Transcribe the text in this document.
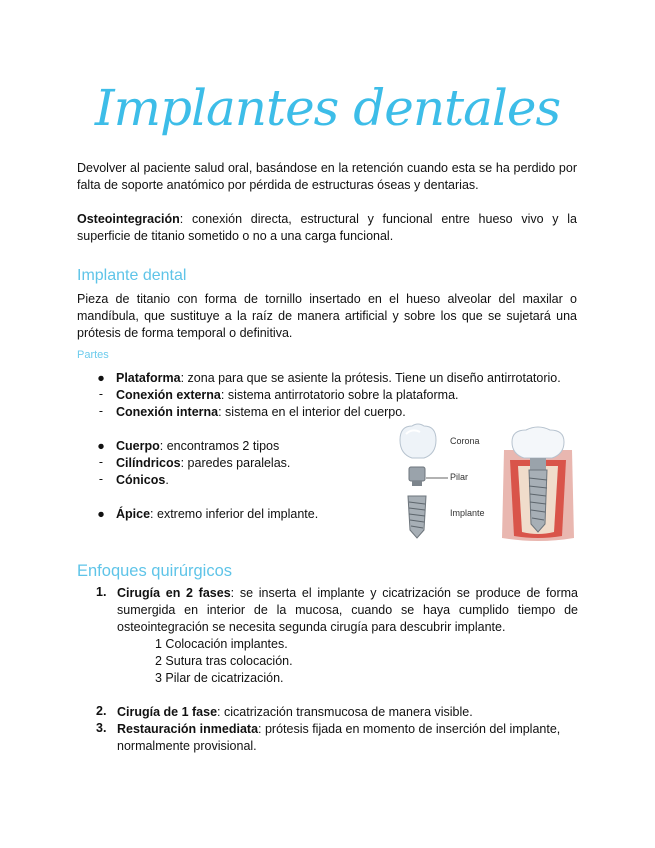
Implantes dentales
Devolver al paciente salud oral, basándose en la retención cuando esta se ha perdido por falta de soporte anatómico por pérdida de estructuras óseas y dentarias.
Osteointegración: conexión directa, estructural y funcional entre hueso vivo y la superficie de titanio sometido o no a una carga funcional.
Implante dental
Pieza de titanio con forma de tornillo insertado en el hueso alveolar del maxilar o mandíbula, que sustituye a la raíz de manera artificial y sobre los que se sujetará una prótesis de forma temporal o definitiva.
Partes
● Plataforma: zona para que se asiente la prótesis. Tiene un diseño antirrotatorio.
-	Conexión externa: sistema antirrotatorio sobre la plataforma.
-	Conexión interna: sistema en el interior del cuerpo.
● Cuerpo: encontramos 2 tipos
-	Cilíndricos: paredes paralelas.
-	Cónicos.
● Ápice: extremo inferior del implante.
Corona
Pilar
Implante
Enfoques quirúrgicos
1. Cirugía en 2 fases: se inserta el implante y cicatrización se produce de forma sumergida en interior de la mucosa, cuando se haya cumplido tiempo de osteointegración se necesita segunda cirugía para descubrir implante.
1 Colocación implantes.
2 Sutura tras colocación.
3 Pilar de cicatrización.
2. Cirugía de 1 fase: cicatrización transmucosa de manera visible.
3. Restauración inmediata: prótesis fijada en momento de inserción del implante, normalmente provisional.
